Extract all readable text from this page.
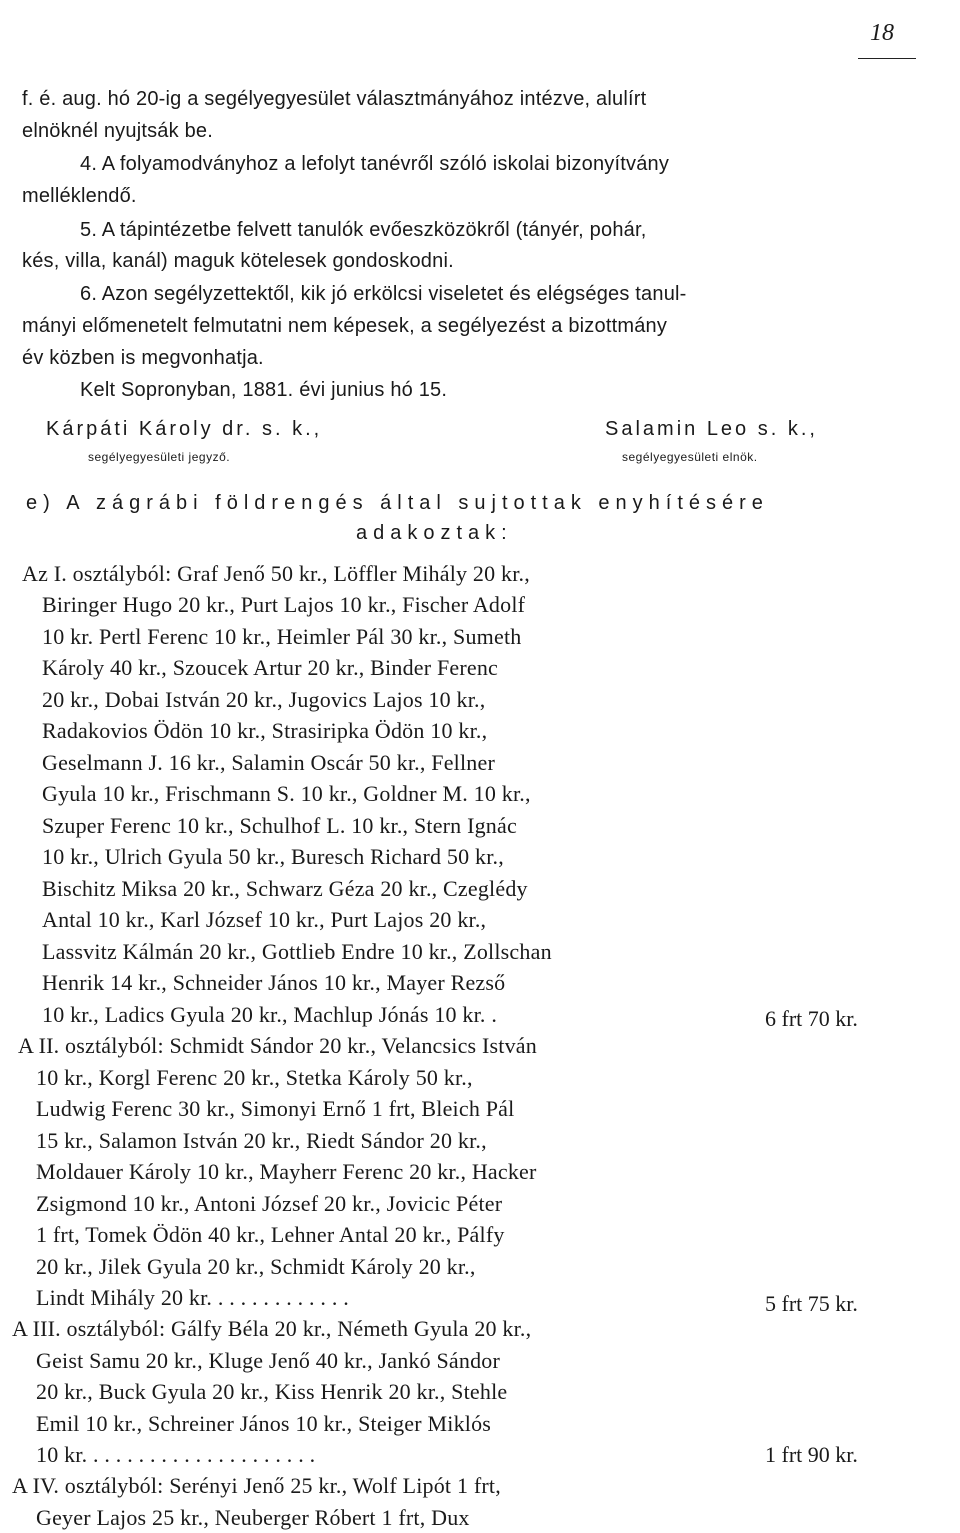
18
f. é. aug. hó 20-ig a segélyegyesület választmányához intézve, alulírt
elnöknél nyujtsák be.
4. A folyamodványhoz a lefolyt tanévről szóló iskolai bizonyítvány
melléklendő.
5. A tápintézetbe felvett tanulók evőeszközökről (tányér, pohár,
kés, villa, kanál) maguk kötelesek gondoskodni.
6. Azon segélyzettektől, kik jó erkölcsi viseletet és elégséges tanul-
mányi előmenetelt felmutatni nem képesek, a segélyezést a bizottmány
év közben is megvonhatja.
Kelt Sopronyban, 1881. évi junius hó 15.
Kárpáti Károly dr. s. k.,
segélyegyesületi jegyző.
Salamin Leo s. k.,
segélyegyesületi elnök.
e) A zágrábi földrengés által sujtottak enyhítésére
adakoztak:
Az I. osztályból: Graf Jenő 50 kr., Löffler Mihály 20 kr.,
Biringer Hugo 20 kr., Purt Lajos 10 kr., Fischer Adolf
10 kr. Pertl Ferenc 10 kr., Heimler Pál 30 kr., Sumeth
Károly 40 kr., Szoucek Artur 20 kr., Binder Ferenc
20 kr., Dobai István 20 kr., Jugovics Lajos 10 kr.,
Radakovios Ödön 10 kr., Strasiripka Ödön 10 kr.,
Geselmann J. 16 kr., Salamin Oscár 50 kr., Fellner
Gyula 10 kr., Frischmann S. 10 kr., Goldner M. 10 kr.,
Szuper Ferenc 10 kr., Schulhof L. 10 kr., Stern Ignác
10 kr., Ulrich Gyula 50 kr., Buresch Richard 50 kr.,
Bischitz Miksa 20 kr., Schwarz Géza 20 kr., Czeglédy
Antal 10 kr., Karl József 10 kr., Purt Lajos 20 kr.,
Lassvitz Kálmán 20 kr., Gottlieb Endre 10 kr., Zollschan
Henrik 14 kr., Schneider János 10 kr., Mayer Rezső
10 kr., Ladics Gyula 20 kr., Machlup Jónás 10 kr. .	6 frt 70 kr.
A II. osztályból: Schmidt Sándor 20 kr., Velancsics István
10 kr., Korgl Ferenc 20 kr., Stetka Károly 50 kr.,
Ludwig Ferenc 30 kr., Simonyi Ernő 1 frt, Bleich Pál
15 kr., Salamon István 20 kr., Riedt Sándor 20 kr.,
Moldauer Károly 10 kr., Mayherr Ferenc 20 kr., Hacker
Zsigmond 10 kr., Antoni József 20 kr., Jovicic Péter
1 frt, Tomek Ödön 40 kr., Lehner Antal 20 kr., Pálfy
20 kr., Jilek Gyula 20 kr., Schmidt Károly 20 kr.,
Lindt Mihály 20 kr. . . . . . . . . . . . .	5 frt 75 kr.
A III. osztályból: Gálfy Béla 20 kr., Németh Gyula 20 kr.,
Geist Samu 20 kr., Kluge Jenő 40 kr., Jankó Sándor
20 kr., Buck Gyula 20 kr., Kiss Henrik 20 kr., Stehle
Emil 10 kr., Schreiner János 10 kr., Steiger Miklós
10 kr. . . . . . . . . . . . . . . . . . . . .	1 frt 90 kr.
A IV. osztályból: Serényi Jenő 25 kr., Wolf Lipót 1 frt,
Geyer Lajos 25 kr., Neuberger Róbert 1 frt, Dux
